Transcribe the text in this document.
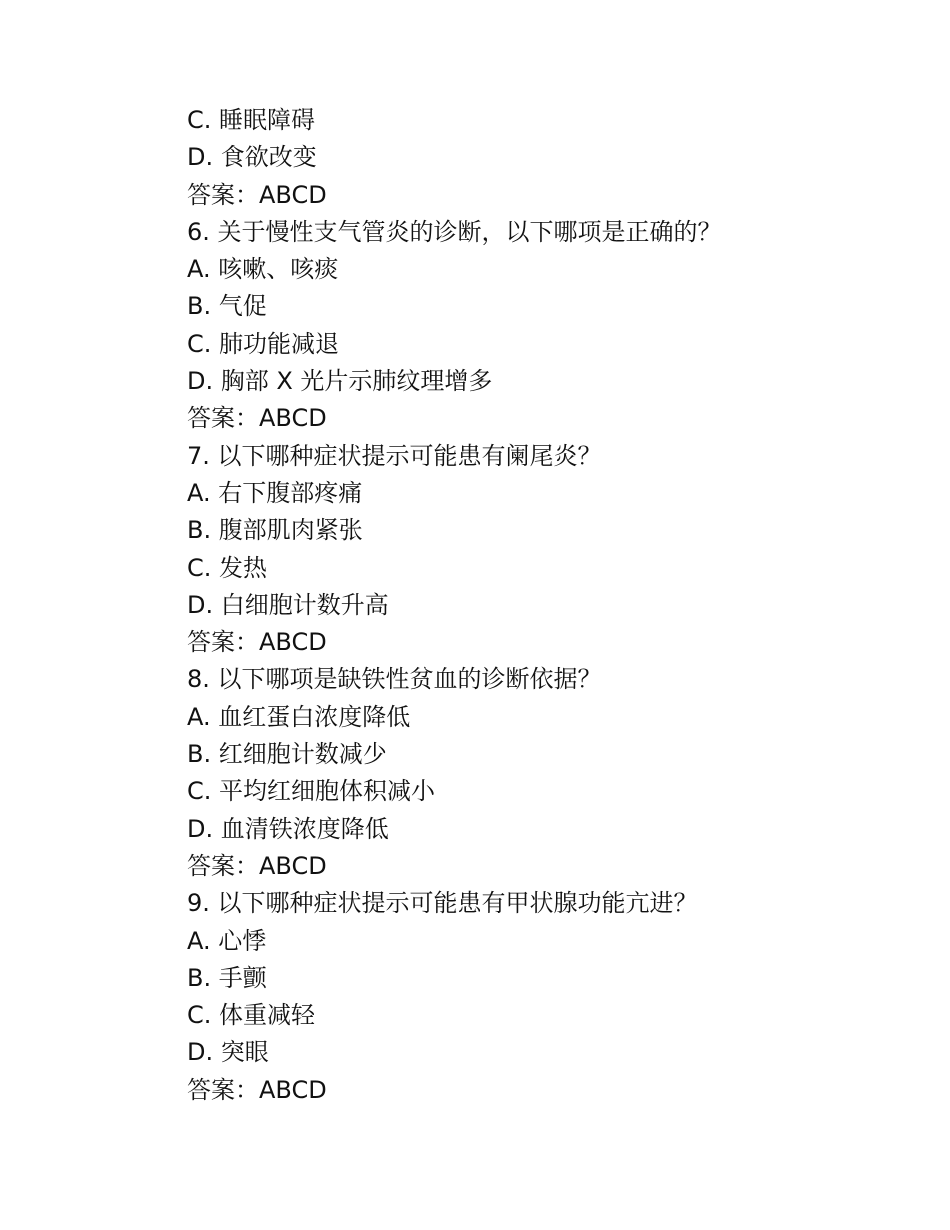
C. 睡眠障碍
D. 食欲改变
答案：ABCD
6. 关于慢性支气管炎的诊断，以下哪项是正确的？
A. 咳嗽、咳痰
B. 气促
C. 肺功能减退
D. 胸部 X 光片示肺纹理增多
答案：ABCD
7. 以下哪种症状提示可能患有阑尾炎？
A. 右下腹部疼痛
B. 腹部肌肉紧张
C. 发热
D. 白细胞计数升高
答案：ABCD
8. 以下哪项是缺铁性贫血的诊断依据？
A. 血红蛋白浓度降低
B. 红细胞计数减少
C. 平均红细胞体积减小
D. 血清铁浓度降低
答案：ABCD
9. 以下哪种症状提示可能患有甲状腺功能亢进？
A. 心悸
B. 手颤
C. 体重减轻
D. 突眼
答案：ABCD
